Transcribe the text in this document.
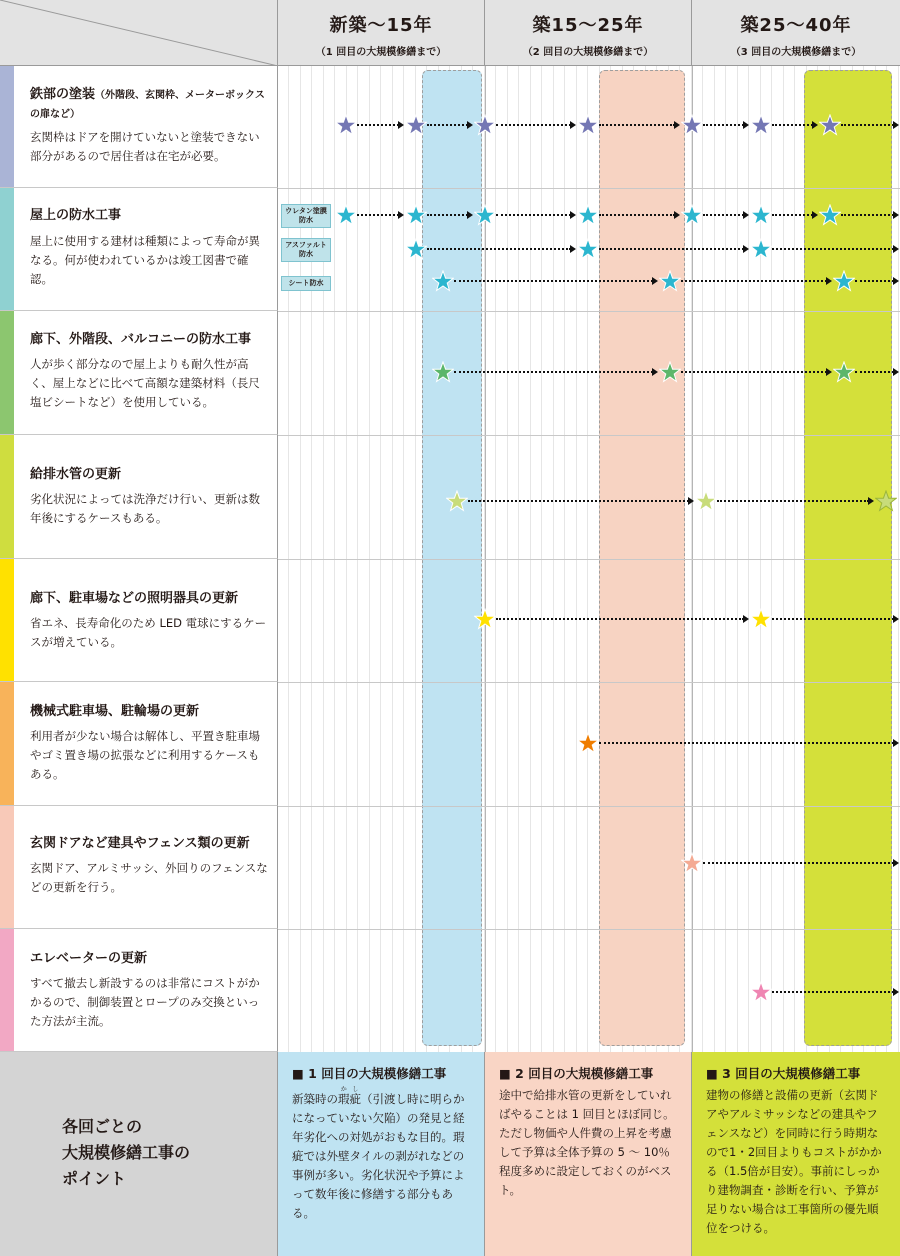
新築〜15年
（1 回目の大規模修繕まで）
築15〜25年
（2 回目の大規模修繕まで）
築25〜40年
（3 回目の大規模修繕まで）
鉄部の塗装（外階段、玄関枠、メーターボックスの扉など）
玄関枠はドアを開けていないと塗装できない部分があるので居住者は在宅が必要。
屋上の防水工事
屋上に使用する建材は種類によって寿命が異なる。何が使われているかは竣工図書で確認。
廊下、外階段、バルコニーの防水工事
人が歩く部分なので屋上よりも耐久性が高く、屋上などに比べて高額な建築材料（長尺塩ビシートなど）を使用している。
給排水管の更新
劣化状況によっては洗浄だけ行い、更新は数年後にするケースもある。
廊下、駐車場などの照明器具の更新
省エネ、長寿命化のため LED 電球にするケースが増えている。
機械式駐車場、駐輪場の更新
利用者が少ない場合は解体し、平置き駐車場やゴミ置き場の拡張などに利用するケースもある。
玄関ドアなど建具やフェンス類の更新
玄関ドア、アルミサッシ、外回りのフェンスなどの更新を行う。
エレベーターの更新
すべて撤去し新設するのは非常にコストがかかるので、制御装置とロープのみ交換といった方法が主流。
ウレタン塗膜防水
アスファルト防水
シート防水
各回ごとの
大規模修繕工事の
ポイント
■ 1 回目の大規模修繕工事
新築時の瑕疵かし（引渡し時に明らかになっていない欠陥）の発見と経年劣化への対処がおもな目的。瑕疵では外壁タイルの剥がれなどの事例が多い。劣化状況や予算によって数年後に修繕する部分もある。
■ 2 回目の大規模修繕工事
途中で給排水管の更新をしていればやることは 1 回目とほぼ同じ。ただし物価や人件費の上昇を考慮して予算は全体予算の 5 〜 10％程度多めに設定しておくのがベスト。
■ 3 回目の大規模修繕工事
建物の修繕と設備の更新（玄関ドアやアルミサッシなどの建具やフェンスなど）を同時に行う時期なので1・2回目よりもコストがかかる（1.5倍が目安）。事前にしっかり建物調査・診断を行い、予算が足りない場合は工事箇所の優先順位をつける。
